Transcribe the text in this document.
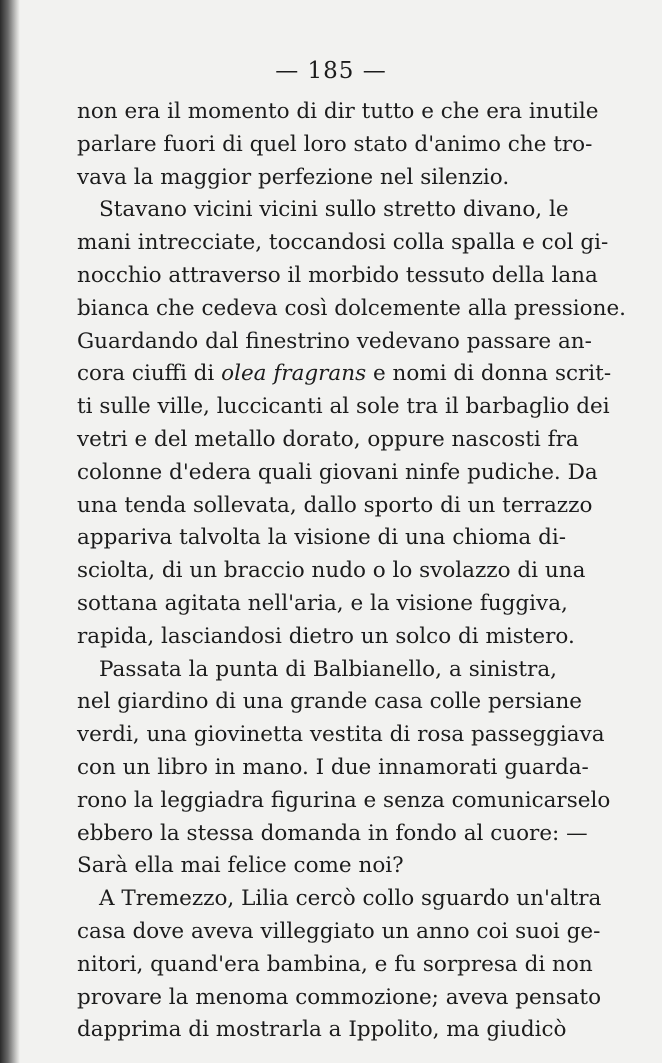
— 185 —
non era il momento di dir tutto e che era inutile
parlare fuori di quel loro stato d'animo che tro-
vava la maggior perfezione nel silenzio.
Stavano vicini vicini sullo stretto divano, le
mani intrecciate, toccandosi colla spalla e col gi-
nocchio attraverso il morbido tessuto della lana
bianca che cedeva così dolcemente alla pressione.
Guardando dal finestrino vedevano passare an-
cora ciuffi di olea fragrans e nomi di donna scrit-
ti sulle ville, luccicanti al sole tra il barbaglio dei
vetri e del metallo dorato, oppure nascosti fra
colonne d'edera quali giovani ninfe pudiche. Da
una tenda sollevata, dallo sporto di un terrazzo
appariva talvolta la visione di una chioma di-
sciolta, di un braccio nudo o lo svolazzo di una
sottana agitata nell'aria, e la visione fuggiva,
rapida, lasciandosi dietro un solco di mistero.
Passata la punta di Balbianello, a sinistra,
nel giardino di una grande casa colle persiane
verdi, una giovinetta vestita di rosa passeggiava
con un libro in mano. I due innamorati guarda-
rono la leggiadra figurina e senza comunicarselo
ebbero la stessa domanda in fondo al cuore: —
Sarà ella mai felice come noi?
A Tremezzo, Lilia cercò collo sguardo un'altra
casa dove aveva villeggiato un anno coi suoi ge-
nitori, quand'era bambina, e fu sorpresa di non
provare la menoma commozione; aveva pensato
dapprima di mostrarla a Ippolito, ma giudicò
